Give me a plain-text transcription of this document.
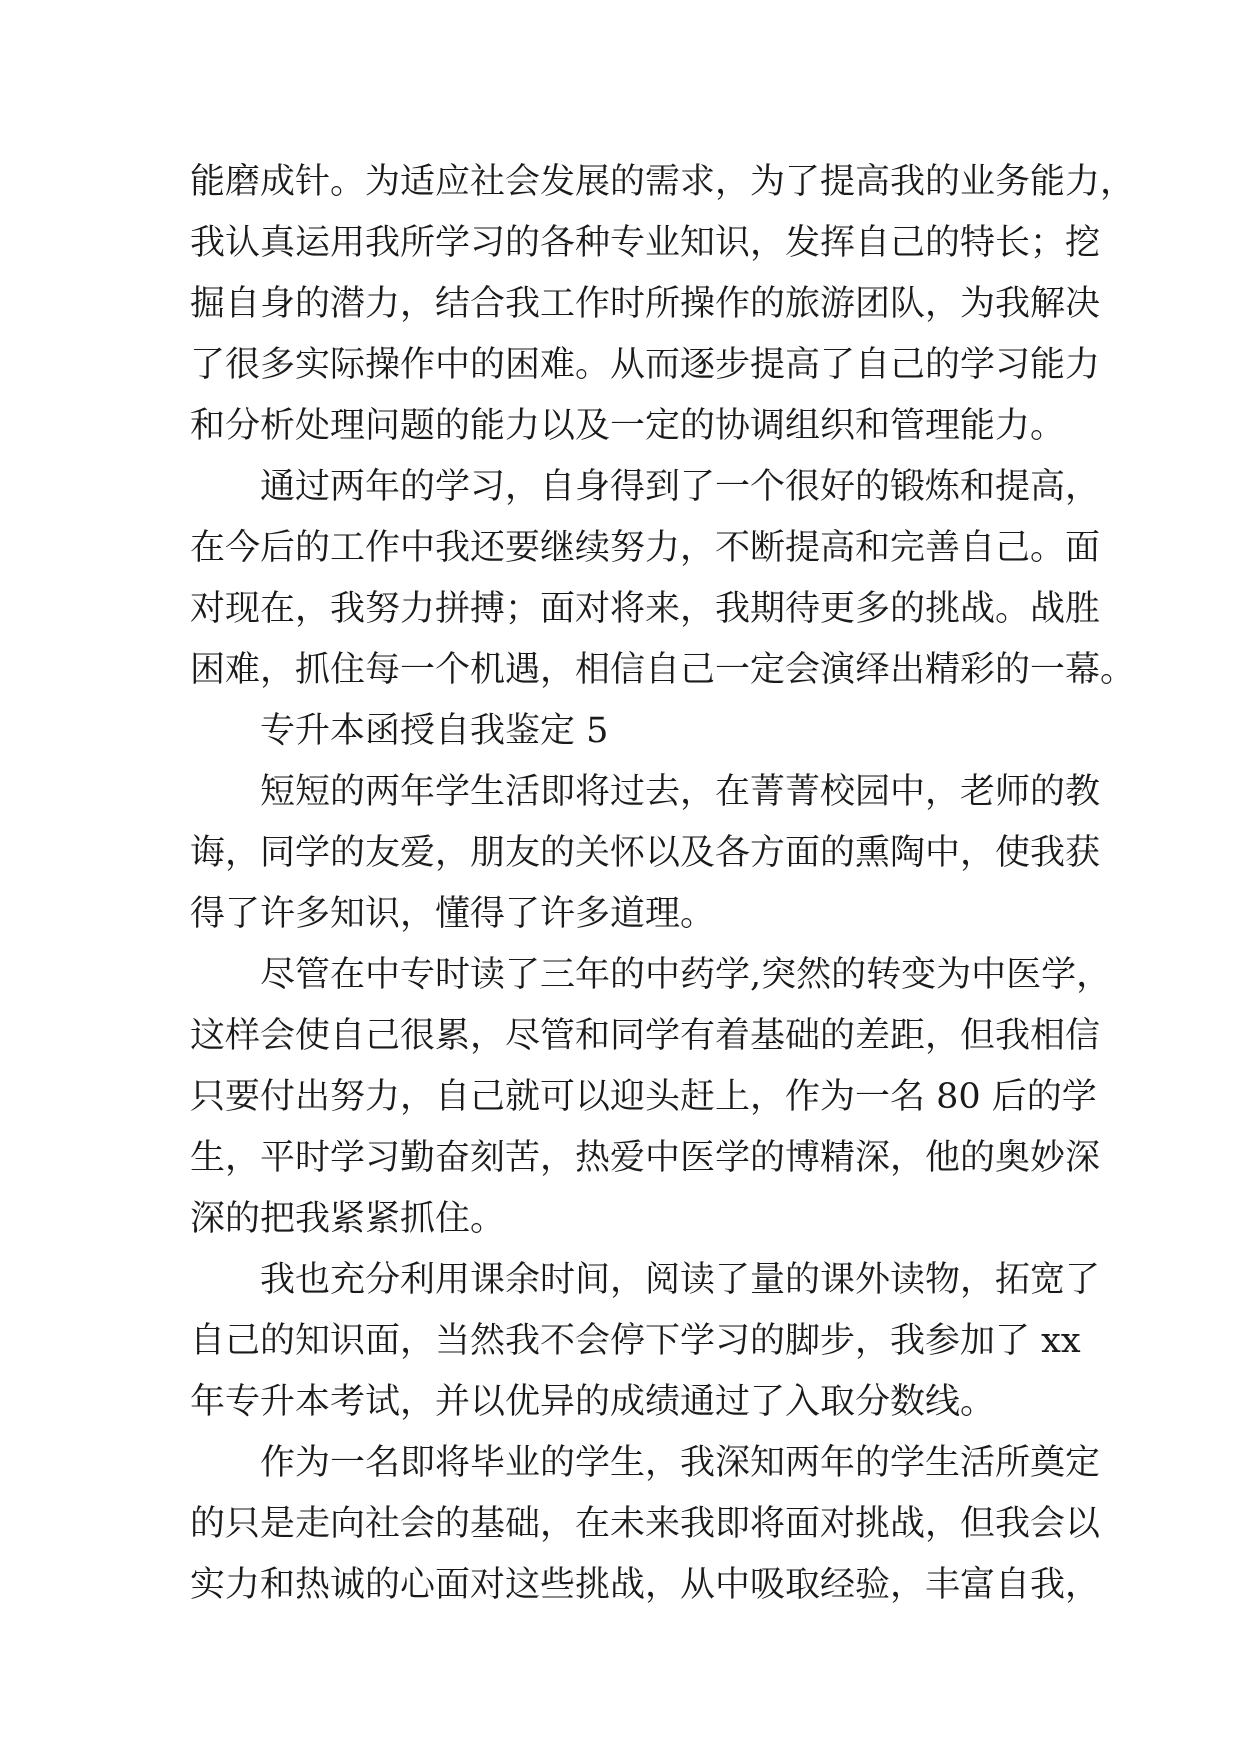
能磨成针。为适应社会发展的需求，为了提高我的业务能力，
我认真运用我所学习的各种专业知识，发挥自己的特长；挖
掘自身的潜力，结合我工作时所操作的旅游团队，为我解决
了很多实际操作中的困难。从而逐步提高了自己的学习能力
和分析处理问题的能力以及一定的协调组织和管理能力。
通过两年的学习，自身得到了一个很好的锻炼和提高，
在今后的工作中我还要继续努力，不断提高和完善自己。面
对现在，我努力拼搏；面对将来，我期待更多的挑战。战胜
困难，抓住每一个机遇，相信自己一定会演绎出精彩的一幕。
专升本函授自我鉴定 5
短短的两年学生活即将过去，在菁菁校园中，老师的教
诲，同学的友爱，朋友的关怀以及各方面的熏陶中，使我获
得了许多知识，懂得了许多道理。
尽管在中专时读了三年的中药学,突然的转变为中医学，
这样会使自己很累，尽管和同学有着基础的差距，但我相信
只要付出努力，自己就可以迎头赶上，作为一名 80 后的学
生，平时学习勤奋刻苦，热爱中医学的博精深，他的奥妙深
深的把我紧紧抓住。
我也充分利用课余时间，阅读了量的课外读物，拓宽了
自己的知识面，当然我不会停下学习的脚步，我参加了 xx
年专升本考试，并以优异的成绩通过了入取分数线。
作为一名即将毕业的学生，我深知两年的学生活所奠定
的只是走向社会的基础，在未来我即将面对挑战，但我会以
实力和热诚的心面对这些挑战，从中吸取经验，丰富自我，
